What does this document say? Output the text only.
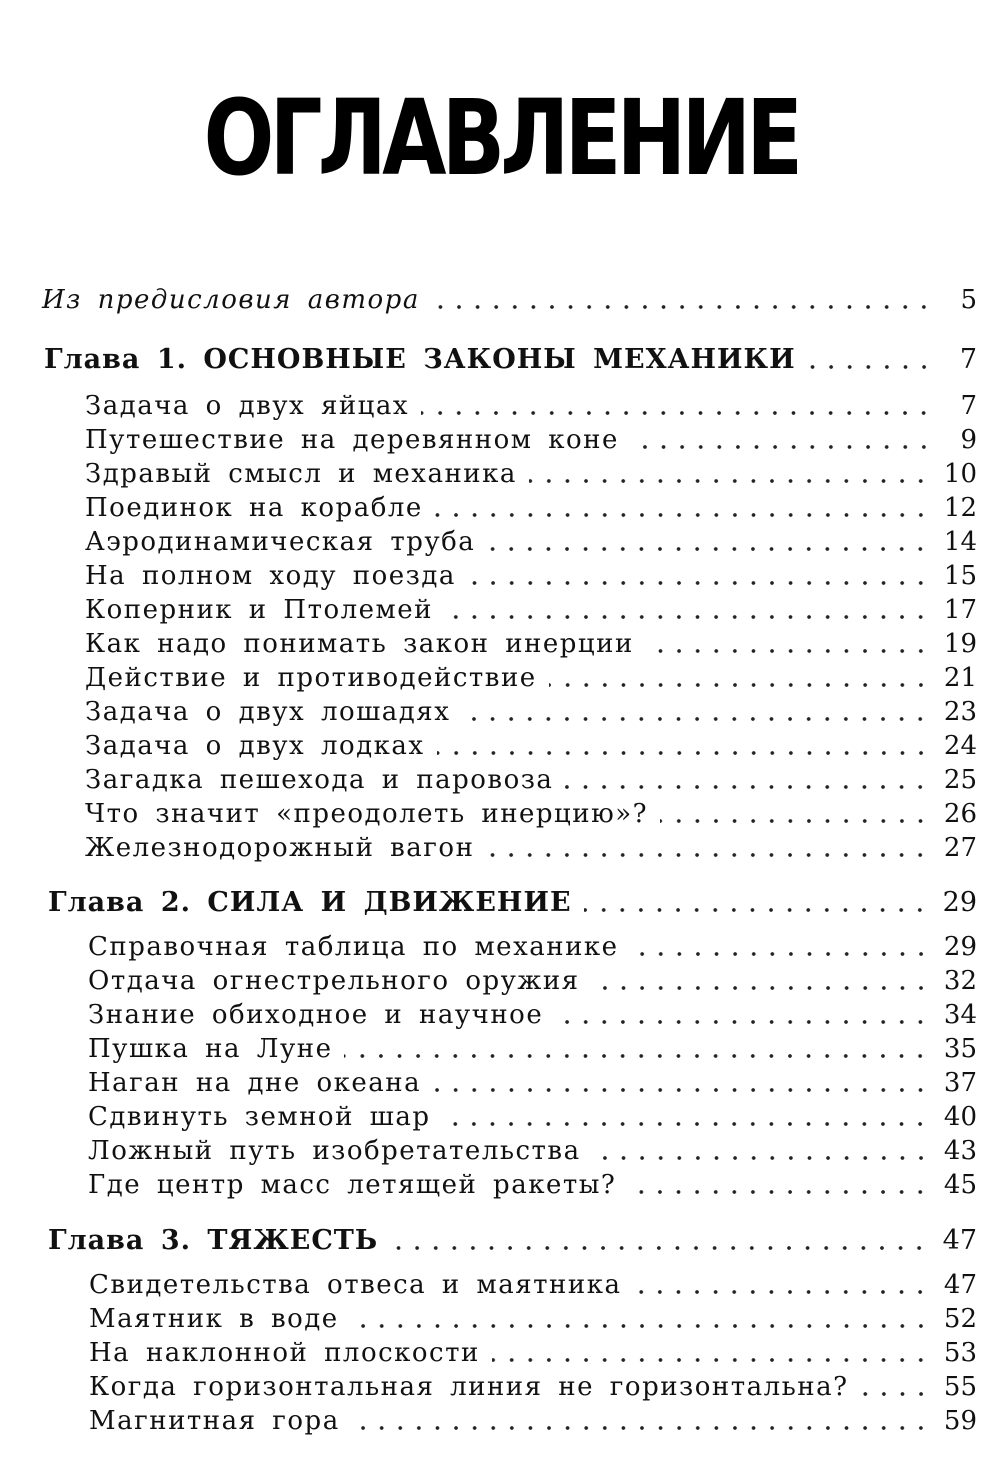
ОГЛАВЛЕНИЕ
Из предисловия автора	5
Глава 1. ОСНОВНЫЕ ЗАКОНЫ МЕХАНИКИ	7
Задача о двух яйцах	7
Путешествие на деревянном коне	9
Здравый смысл и механика	10
Поединок на корабле	12
Аэродинамическая труба	14
На полном ходу поезда	15
Коперник и Птолемей	17
Как надо понимать закон инерции	19
Действие и противодействие	21
Задача о двух лошадях	23
Задача о двух лодках	24
Загадка пешехода и паровоза	25
Что значит «преодолеть инерцию»?	26
Железнодорожный вагон	27
Глава 2. СИЛА И ДВИЖЕНИЕ	29
Справочная таблица по механике	29
Отдача огнестрельного оружия	32
Знание обиходное и научное	34
Пушка на Луне	35
Наган на дне океана	37
Сдвинуть земной шар	40
Ложный путь изобретательства	43
Где центр масс летящей ракеты?	45
Глава 3. ТЯЖЕСТЬ	47
Свидетельства отвеса и маятника	47
Маятник в воде	52
На наклонной плоскости	53
Когда горизонтальная линия не горизонтальна?	55
Магнитная гора	59
